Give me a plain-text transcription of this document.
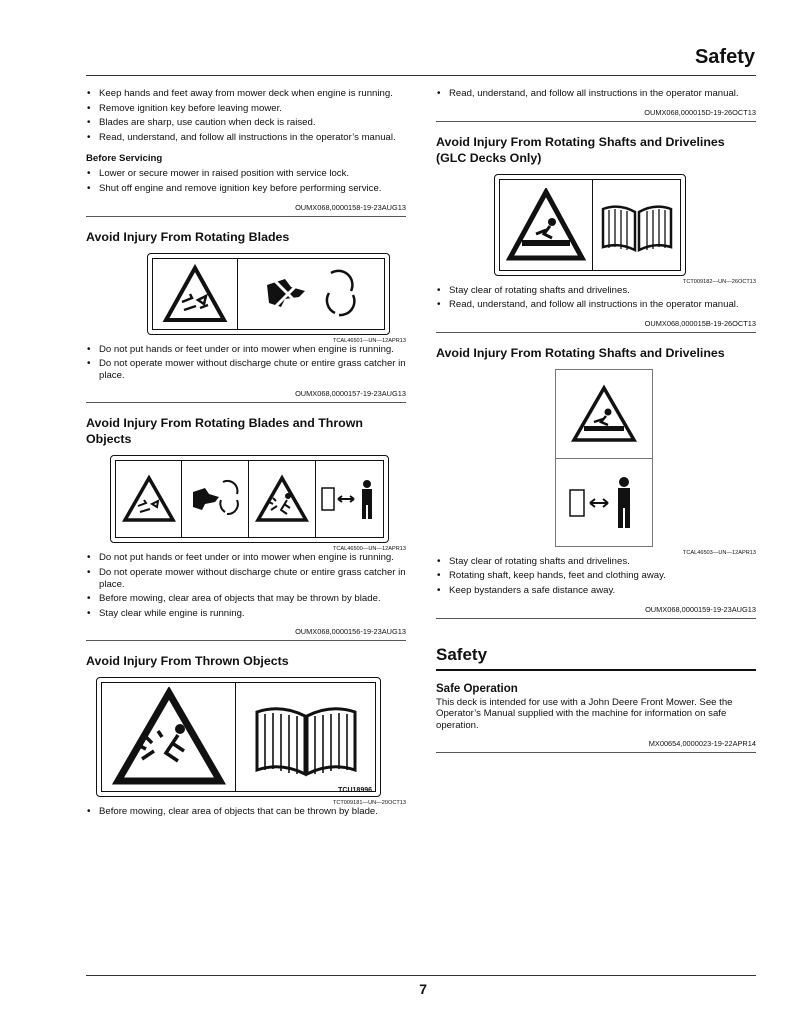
Safety
• Keep hands and feet away from mower deck when engine is running.
• Remove ignition key before leaving mower.
• Blades are sharp, use caution when deck is raised.
• Read, understand, and follow all instructions in the operator’s manual.
Before Servicing
• Lower or secure mower in raised position with service lock.
• Shut off engine and remove ignition key before performing service.
OUMX068,0000158-19-23AUG13
Avoid Injury From Rotating Blades
TCAL46501—UN—12APR13
• Do not put hands or feet under or into mower when engine is running.
• Do not operate mower without discharge chute or entire grass catcher in place.
OUMX068,0000157-19-23AUG13
Avoid Injury From Rotating Blades and Thrown Objects
TCAL46500—UN—12APR13
• Do not put hands or feet under or into mower when engine is running.
• Do not operate mower without discharge chute or entire grass catcher in place.
• Before mowing, clear area of objects that may be thrown by blade.
• Stay clear while engine is running.
OUMX068,0000156-19-23AUG13
Avoid Injury From Thrown Objects
TCU18996
TCT009181—UN—20OCT13
• Before mowing, clear area of objects that can be thrown by blade.
• Read, understand, and follow all instructions in the operator manual.
OUMX068,000015D-19-26OCT13
Avoid Injury From Rotating Shafts and Drivelines (GLC Decks Only)
TCT009182—UN—26OCT13
• Stay clear of rotating shafts and drivelines.
• Read, understand, and follow all instructions in the operator manual.
OUMX068,000015B-19-26OCT13
Avoid Injury From Rotating Shafts and Drivelines
TCAL46503—UN—12APR13
• Stay clear of rotating shafts and drivelines.
• Rotating shaft, keep hands, feet and clothing away.
• Keep bystanders a safe distance away.
OUMX068,0000159-19-23AUG13
Safety
Safe Operation
This deck is intended for use with a John Deere Front Mower. See the Operator’s Manual supplied with the machine for information on safe operation.
MX00654,0000023-19-22APR14
7
